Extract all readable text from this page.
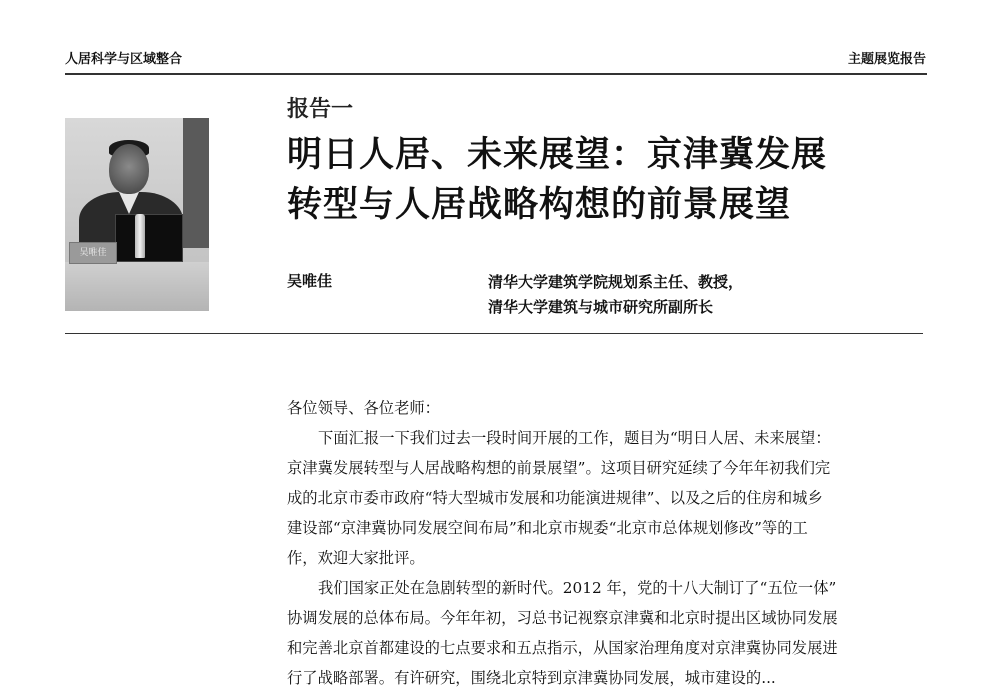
人居科学与区域整合	主题展览报告
吴唯佳
报告一
明日人居、未来展望：京津冀发展
转型与人居战略构想的前景展望
吴唯佳	清华大学建筑学院规划系主任、教授，
清华大学建筑与城市研究所副所长
各位领导、各位老师：
下面汇报一下我们过去一段时间开展的工作，题目为“明日人居、未来展望：
京津冀发展转型与人居战略构想的前景展望”。这项目研究延续了今年年初我们完
成的北京市委市政府“特大型城市发展和功能演进规律”、以及之后的住房和城乡
建设部“京津冀协同发展空间布局”和北京市规委“北京市总体规划修改”等的工
作，欢迎大家批评。
我们国家正处在急剧转型的新时代。2012 年，党的十八大制订了“五位一体”
协调发展的总体布局。今年年初，习总书记视察京津冀和北京时提出区域协同发展
和完善北京首都建设的七点要求和五点指示，从国家治理角度对京津冀协同发展进
行了战略部署。有许研究，围绕北京特到京津冀协同发展，城市建设的...
